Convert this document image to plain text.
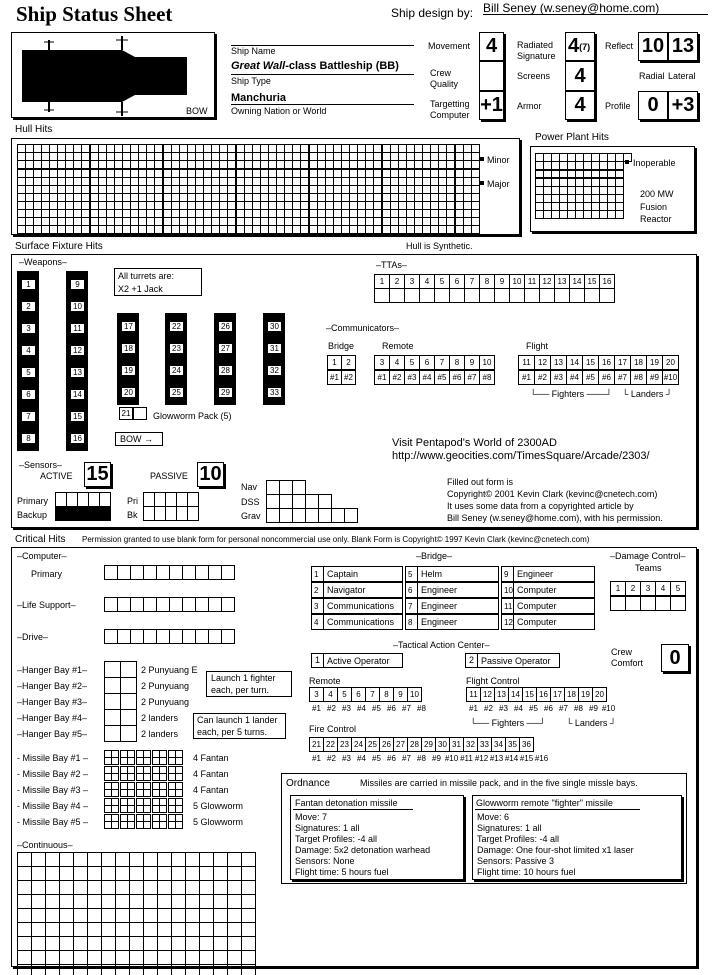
Ship Status Sheet	Ship design by: Bill Seney (w.seney@home.com)
BOW
Ship Name
Great Wall-class Battleship (BB)
Ship Type
Manchuria
Owning Nation or World
Movement 4
Crew Quality
Targetting Computer +1
Radiated Signature 4 (7)
Screens	4
Armor	4
Reflect 10 13
Radial Lateral
Profile 0 +3
Hull Hits
Minor
Major
Power Plant Hits
Inoperable
200 MW
Fusion
Reactor
Surface Fixture Hits	Hull is Synthetic.
–Weapons–
All turrets are:
X2 +1 Jack
1
2
3
4
5
6
7
8
9
10
11
12
13
14
15
16
17
18
19
20
22
23
24
25
26
27
28
29
30
31
32
33
21	Glowworm Pack (5)
BOW →
–TTAs–
1	2	3	4	5	6	7	8	9	10 11 12 13 14 15 16
–Communicators–
Bridge	Remote	Flight
1	2
#1 #2
3	4	5	6	7	8	9	10
#1 #2 #3 #4 #5 #6 #7 #8
11 12 13 14 15 16 17 18 19 20
#1 #2 #3 #4 #5 #6 #7 #8 #9 #10
└── Fighters ───┘ └ Landers ┘
Visit Pentapod's World of 2300AD
http://www.geocities.com/TimesSquare/Arcade/2303/
–Sensors–
ACTIVE 15	PASSIVE 10
Primary
Backup
Pri
Bk
Nav
DSS
Grav
Filled out form is
Copyright© 2001 Kevin Clark (kevinc@cnetech.com)
It uses some data from a copyrighted article by
Bill Seney (w.seney@home.com), with his permission.
Critical Hits Permission granted to use blank form for personal noncommercial use only. Blank Form is Copyright© 1997 Kevin Clark (kevinc@cnetech.com)
–Computer–
Primary
–Life Support–
–Drive–
–Hanger Bay #1–	2 Punyuang E
–Hanger Bay #2–	2 Punyuang
–Hanger Bay #3–	2 Punyuang
–Hanger Bay #4–	2 landers
–Hanger Bay #5–	2 landers
Launch 1 fighter
each, per turn.
Can launch 1 lander
each, per 5 turns.
- Missile Bay #1 –	4 Fantan
- Missile Bay #2 –	4 Fantan
- Missile Bay #3 –	4 Fantan
- Missile Bay #4 –	5 Glowworm
- Missile Bay #5 –	5 Glowworm
–Continuous–
–Bridge–
1 Captain
2 Navigator
3 Communications
4 Communications
5 Helm
6 Engineer
7 Engineer
8 Engineer
9 Engineer
10 Computer
11 Computer
12 Computer
–Damage Control–
Teams
1	2	3	4	5
–Tactical Action Center–
1 Active Operator	2 Passive Operator
Crew
Comfort	0
Remote
3	4	5	6	7	8	9 10
#1 #2 #3 #4 #5 #6 #7 #8
Flight Control
11 12 13 14 15 16 17 18 19 20
#1 #2 #3 #4 #5 #6 #7 #8 #9 #10
└── Fighters ──┘ └ Landers ┘
Fire Control
21 22 23 24 25 26 27 28 29 30 31 32 33 34 35 36
#1 #2 #3 #4 #5 #6 #7 #8 #9 #10 #11 #12 #13 #14 #15 #16
Ordnance	Missiles are carried in missile pack, and in the five single missle bays.
Fantan detonation missile
Move: 7
Signatures: 1 all
Target Profiles: -4 all
Damage: 5x2 detonation warhead
Sensors: None
Flight time: 5 hours fuel
Glowworm remote "fighter" missile
Move: 6
Signatures: 1 all
Target Profiles: -4 all
Damage: One four-shot limited x1 laser
Sensors: Passive 3
Flight time: 10 hours fuel
